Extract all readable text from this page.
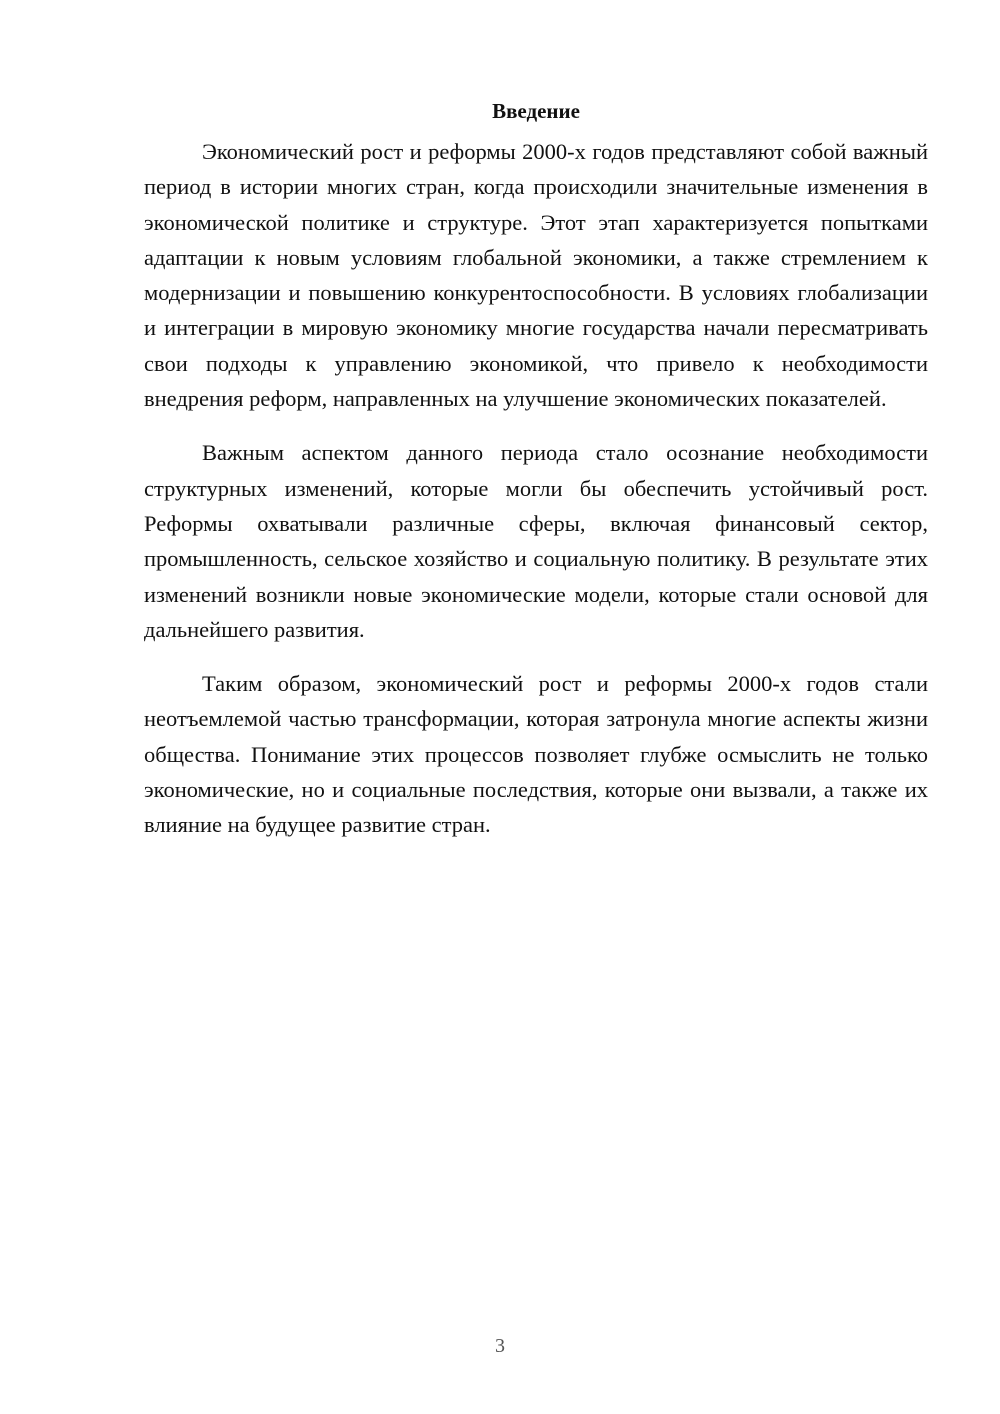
Введение

Экономический рост и реформы 2000-х годов представляют собой важный период в истории многих стран, когда происходили значительные изменения в экономической политике и структуре. Этот этап характеризуется попытками адаптации к новым условиям глобальной экономики, а также стремлением к модернизации и повышению конкурентоспособности. В условиях глобализации и интеграции в мировую экономику многие государства начали пересматривать свои подходы к управлению экономикой, что привело к необходимости внедрения реформ, направленных на улучшение экономических показателей.

Важным аспектом данного периода стало осознание необходимости структурных изменений, которые могли бы обеспечить устойчивый рост. Реформы охватывали различные сферы, включая финансовый сектор, промышленность, сельское хозяйство и социальную политику. В результате этих изменений возникли новые экономические модели, которые стали основой для дальнейшего развития.

Таким образом, экономический рост и реформы 2000-х годов стали неотъемлемой частью трансформации, которая затронула многие аспекты жизни общества. Понимание этих процессов позволяет глубже осмыслить не только экономические, но и социальные последствия, которые они вызвали, а также их влияние на будущее развитие стран.

3
